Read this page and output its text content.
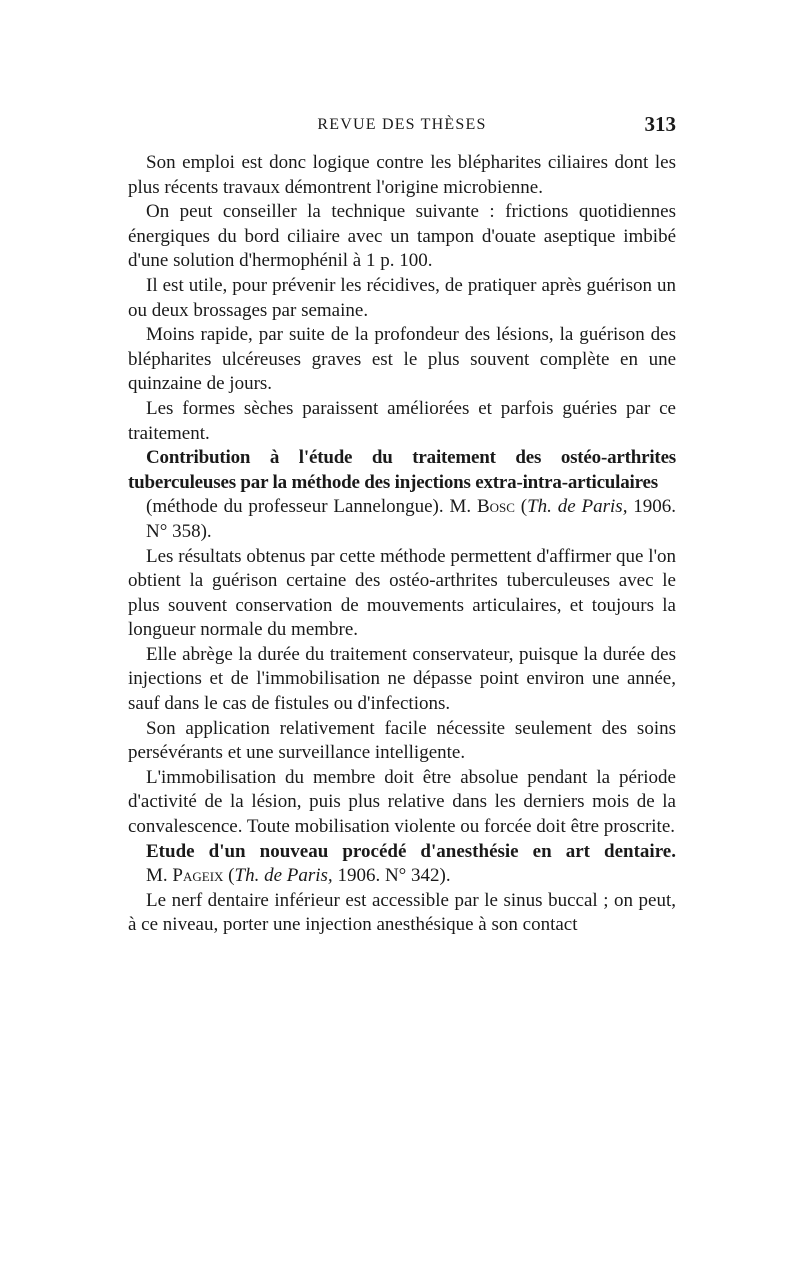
REVUE DES THÈSES	313

Son emploi est donc logique contre les blépharites ciliaires dont les plus récents travaux démontrent l'origine microbienne.

On peut conseiller la technique suivante : frictions quotidiennes énergiques du bord ciliaire avec un tampon d'ouate aseptique imbibé d'une solution d'hermophénil à 1 p. 100.

Il est utile, pour prévenir les récidives, de pratiquer après guérison un ou deux brossages par semaine.

Moins rapide, par suite de la profondeur des lésions, la guérison des blépharites ulcéreuses graves est le plus souvent complète en une quinzaine de jours.

Les formes sèches paraissent améliorées et parfois guéries par ce traitement.

Contribution à l'étude du traitement des ostéo-arthrites tuberculeuses par la méthode des injections extra-intra-articulaires
(méthode du professeur Lannelongue). M. Bosc (Th. de Paris, 1906. N° 358).

Les résultats obtenus par cette méthode permettent d'affirmer que l'on obtient la guérison certaine des ostéo-arthrites tuberculeuses avec le plus souvent conservation de mouvements articulaires, et toujours la longueur normale du membre.

Elle abrège la durée du traitement conservateur, puisque la durée des injections et de l'immobilisation ne dépasse point environ une année, sauf dans le cas de fistules ou d'infections.

Son application relativement facile nécessite seulement des soins persévérants et une surveillance intelligente.

L'immobilisation du membre doit être absolue pendant la période d'activité de la lésion, puis plus relative dans les derniers mois de la convalescence. Toute mobilisation violente ou forcée doit être proscrite.

Etude d'un nouveau procédé d'anesthésie en art dentaire.
M. Pageix (Th. de Paris, 1906. N° 342).

Le nerf dentaire inférieur est accessible par le sinus buccal ; on peut, à ce niveau, porter une injection anesthésique à son contact
